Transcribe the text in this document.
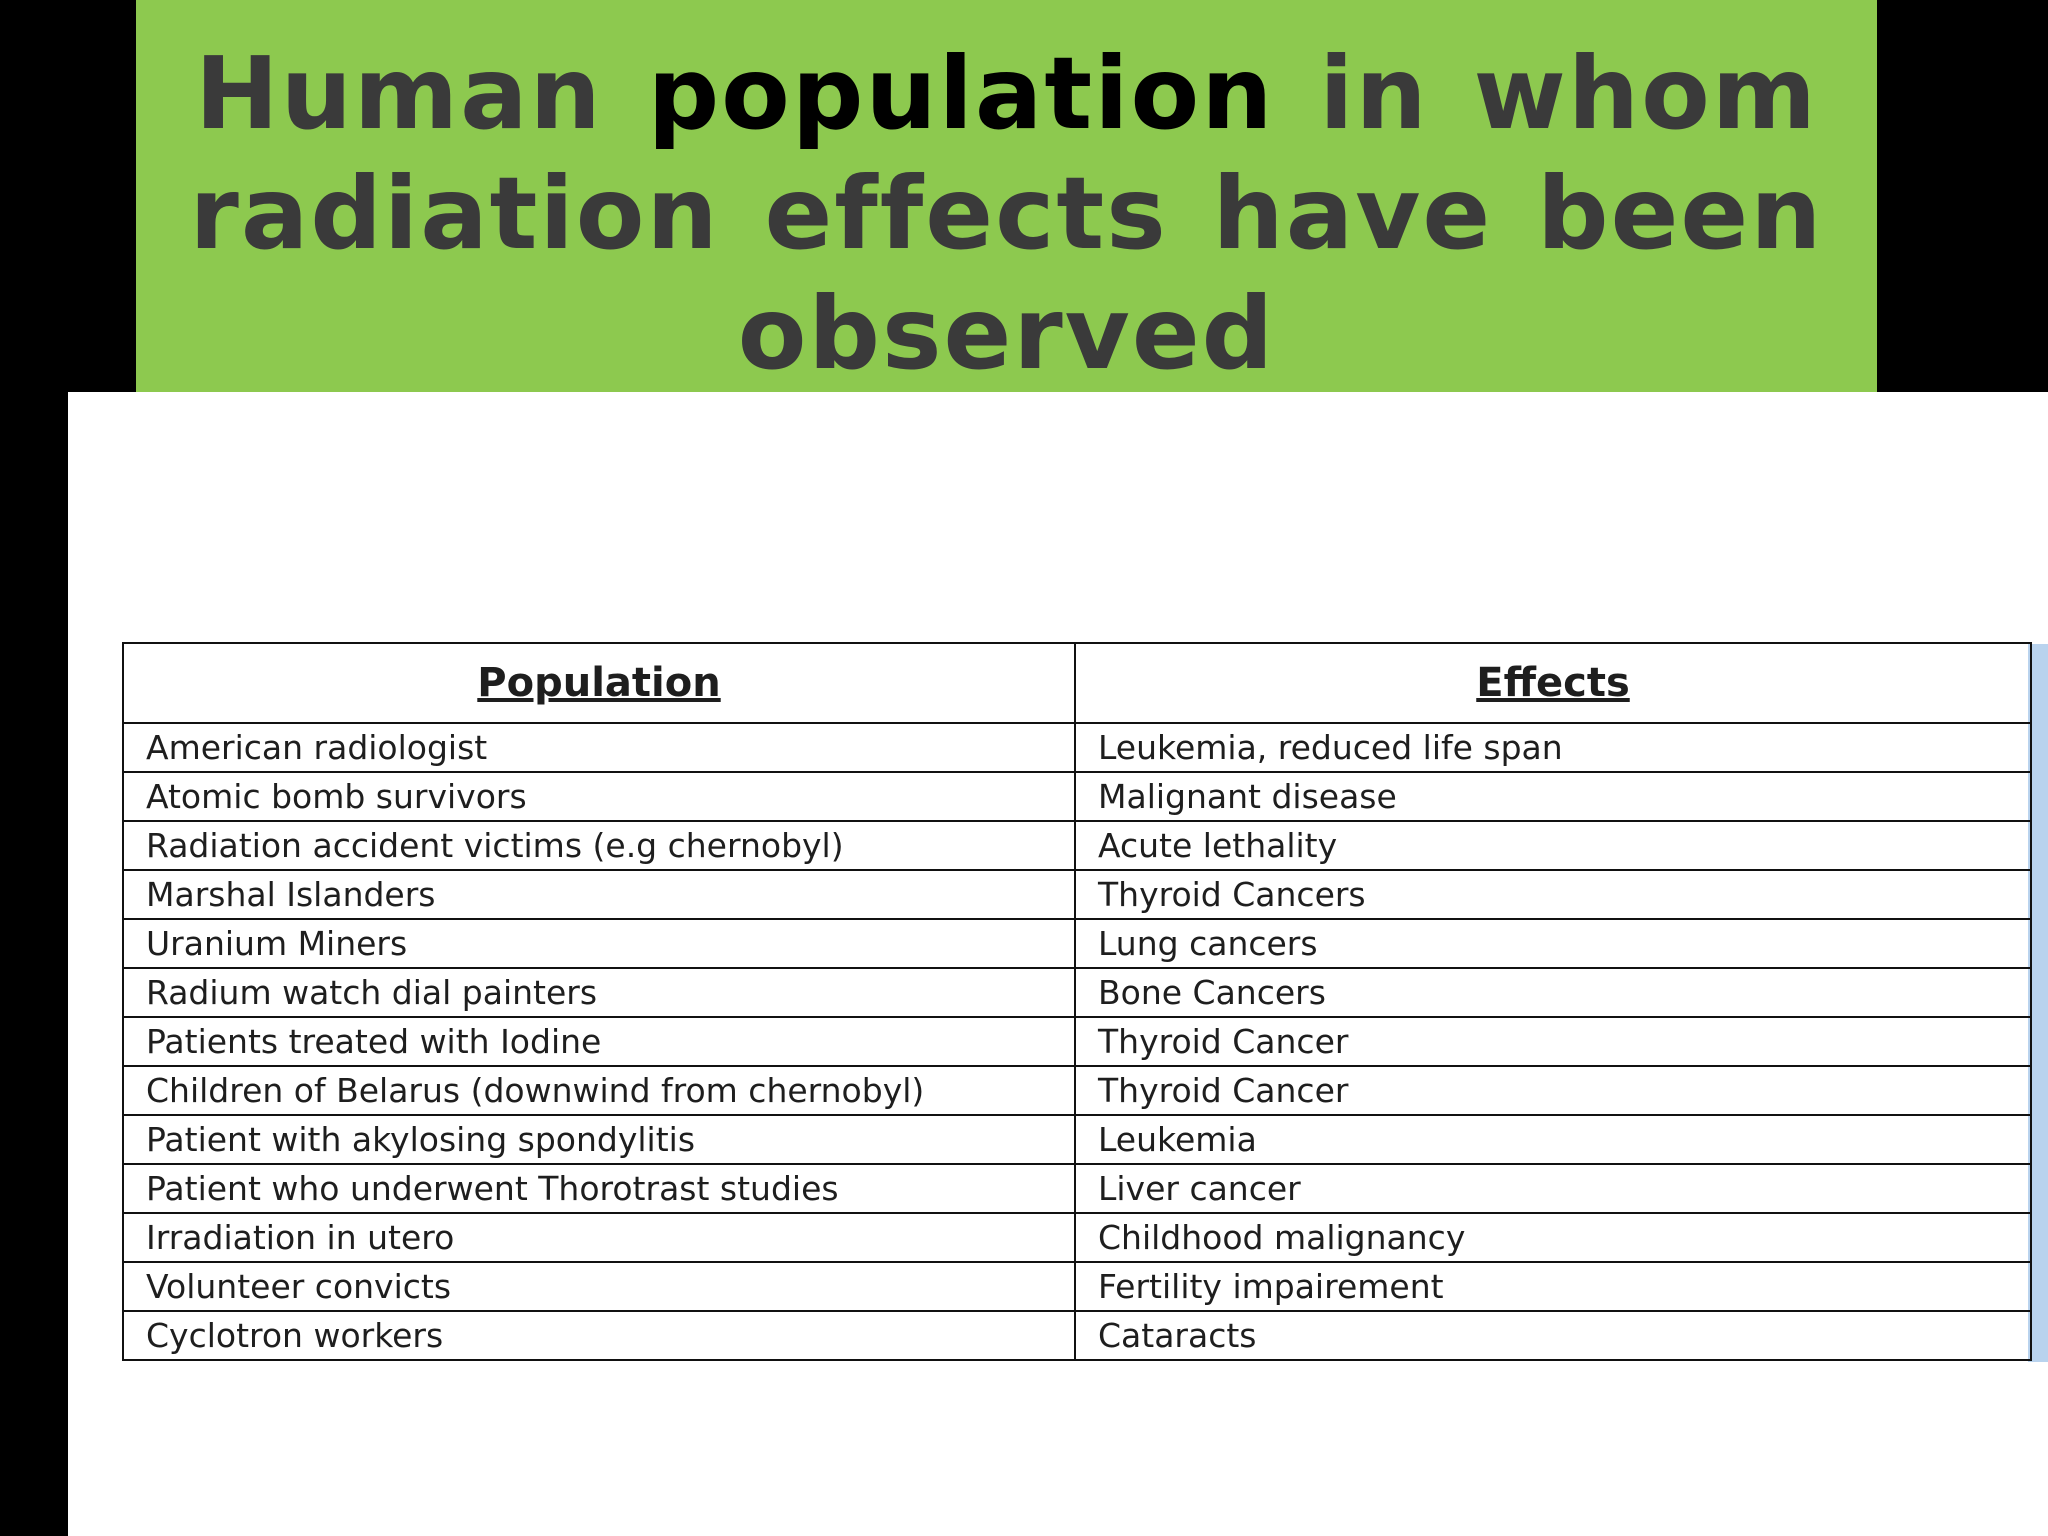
Human population in whom radiation effects have been observed
Population	Effects
American radiologist	Leukemia, reduced life span
Atomic bomb survivors	Malignant disease
Radiation accident victims (e.g chernobyl)	Acute lethality
Marshal Islanders	Thyroid Cancers
Uranium Miners	Lung cancers
Radium watch dial painters	Bone Cancers
Patients treated with Iodine	Thyroid Cancer
Children of Belarus (downwind from chernobyl)	Thyroid Cancer
Patient with akylosing spondylitis	Leukemia
Patient who underwent Thorotrast studies	Liver cancer
Irradiation in utero	Childhood malignancy
Volunteer convicts	Fertility impairement
Cyclotron workers	Cataracts
